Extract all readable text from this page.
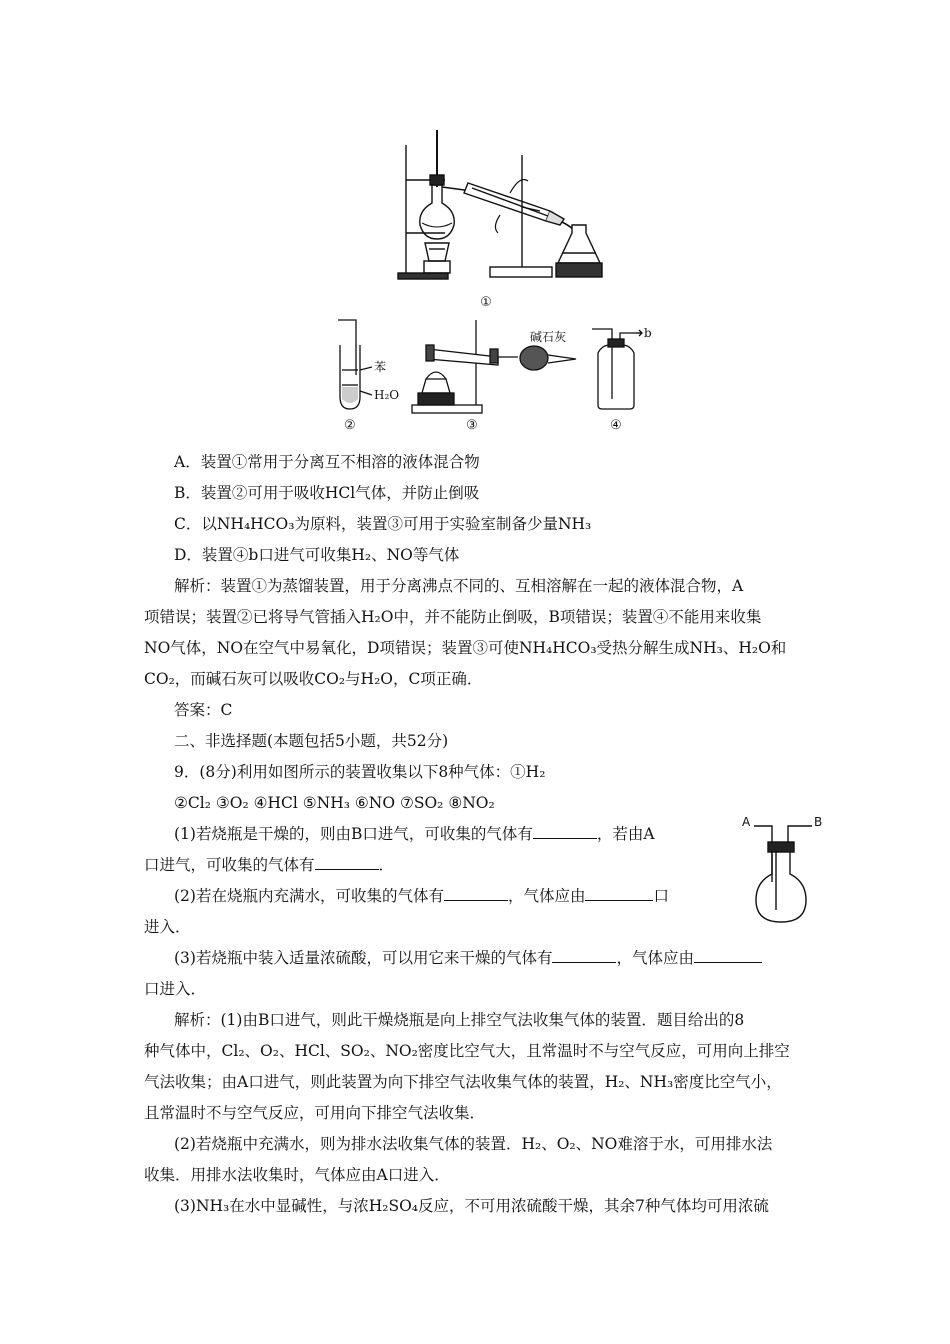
①
苯
H₂O
碱石灰	b
②	③	④
A．装置①常用于分离互不相溶的液体混合物
B．装置②可用于吸收HCl气体，并防止倒吸
C．以NH₄HCO₃为原料，装置③可用于实验室制备少量NH₃
D．装置④b口进气可收集H₂、NO等气体
解析：装置①为蒸馏装置，用于分离沸点不同的、互相溶解在一起的液体混合物，A
项错误；装置②已将导气管插入H₂O中，并不能防止倒吸，B项错误；装置④不能用来收集
NO气体，NO在空气中易氧化，D项错误；装置③可使NH₄HCO₃受热分解生成NH₃、H₂O和
CO₂，而碱石灰可以吸收CO₂与H₂O，C项正确．
答案：C
二、非选择题(本题包括5小题，共52分)
9．(8分)利用如图所示的装置收集以下8种气体：①H₂
②Cl₂ ③O₂ ④HCl ⑤NH₃ ⑥NO ⑦SO₂ ⑧NO₂
(1)若烧瓶是干燥的，则由B口进气，可收集的气体有	，若由A
口进气，可收集的气体有	．
(2)若在烧瓶内充满水，可收集的气体有	，气体应由	口
进入．
(3)若烧瓶中装入适量浓硫酸，可以用它来干燥的气体有	，气体应由
口进入．
A	B
解析：(1)由B口进气，则此干燥烧瓶是向上排空气法收集气体的装置．题目给出的8
种气体中，Cl₂、O₂、HCl、SO₂、NO₂密度比空气大，且常温时不与空气反应，可用向上排空
气法收集；由A口进气，则此装置为向下排空气法收集气体的装置，H₂、NH₃密度比空气小，
且常温时不与空气反应，可用向下排空气法收集．
(2)若烧瓶中充满水，则为排水法收集气体的装置．H₂、O₂、NO难溶于水，可用排水法
收集．用排水法收集时，气体应由A口进入．
(3)NH₃在水中显碱性，与浓H₂SO₄反应，不可用浓硫酸干燥，其余7种气体均可用浓硫
